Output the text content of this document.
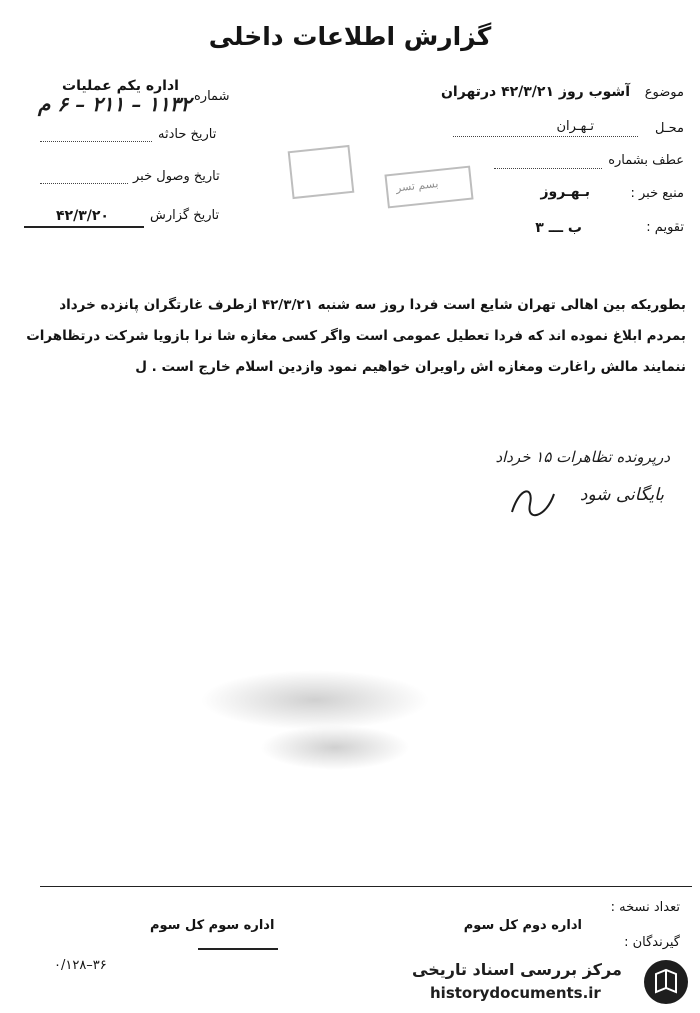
گزارش اطلاعات داخلی
موضوع
آشوب روز ۴۲/۳/۲۱ درتهران
محـل
تـهـران
عطف بشماره
منبع خبر :
بـهـروز
تقویم :
ب ـــ ۳
شماره
اداره یکم عملیات
۱۱۳۲ – ۲۱۱ – ۶ م
تاریخ حادثه
تاریخ وصول خبر
تاریخ گزارش
۴۲/۳/۲۰
بسم تسر
بطوریکه بین اهالی تهران شایع است فردا روز سه شنبه ۴۲/۳/۲۱ ازطرف غارتگران پانزده خرداد
بمردم ابلاغ نموده اند که فردا تعطیل عمومی است واگر کسی مغازه شا نرا بازویا شرکت درتظاهرات
ننمایند مالش راغارت ومغازه اش راویران خواهیم نمود وازدین اسلام خارج است . ل
درپرونده تظاهرات ۱۵ خرداد
بایگانی شود
تعداد نسخه :
گیرندگان :
اداره دوم کل سوم
اداره سوم کل سوم
۰/۱۲۸–۳۶	مرکز بررسی اسناد تاریخی
historydocuments.ir
